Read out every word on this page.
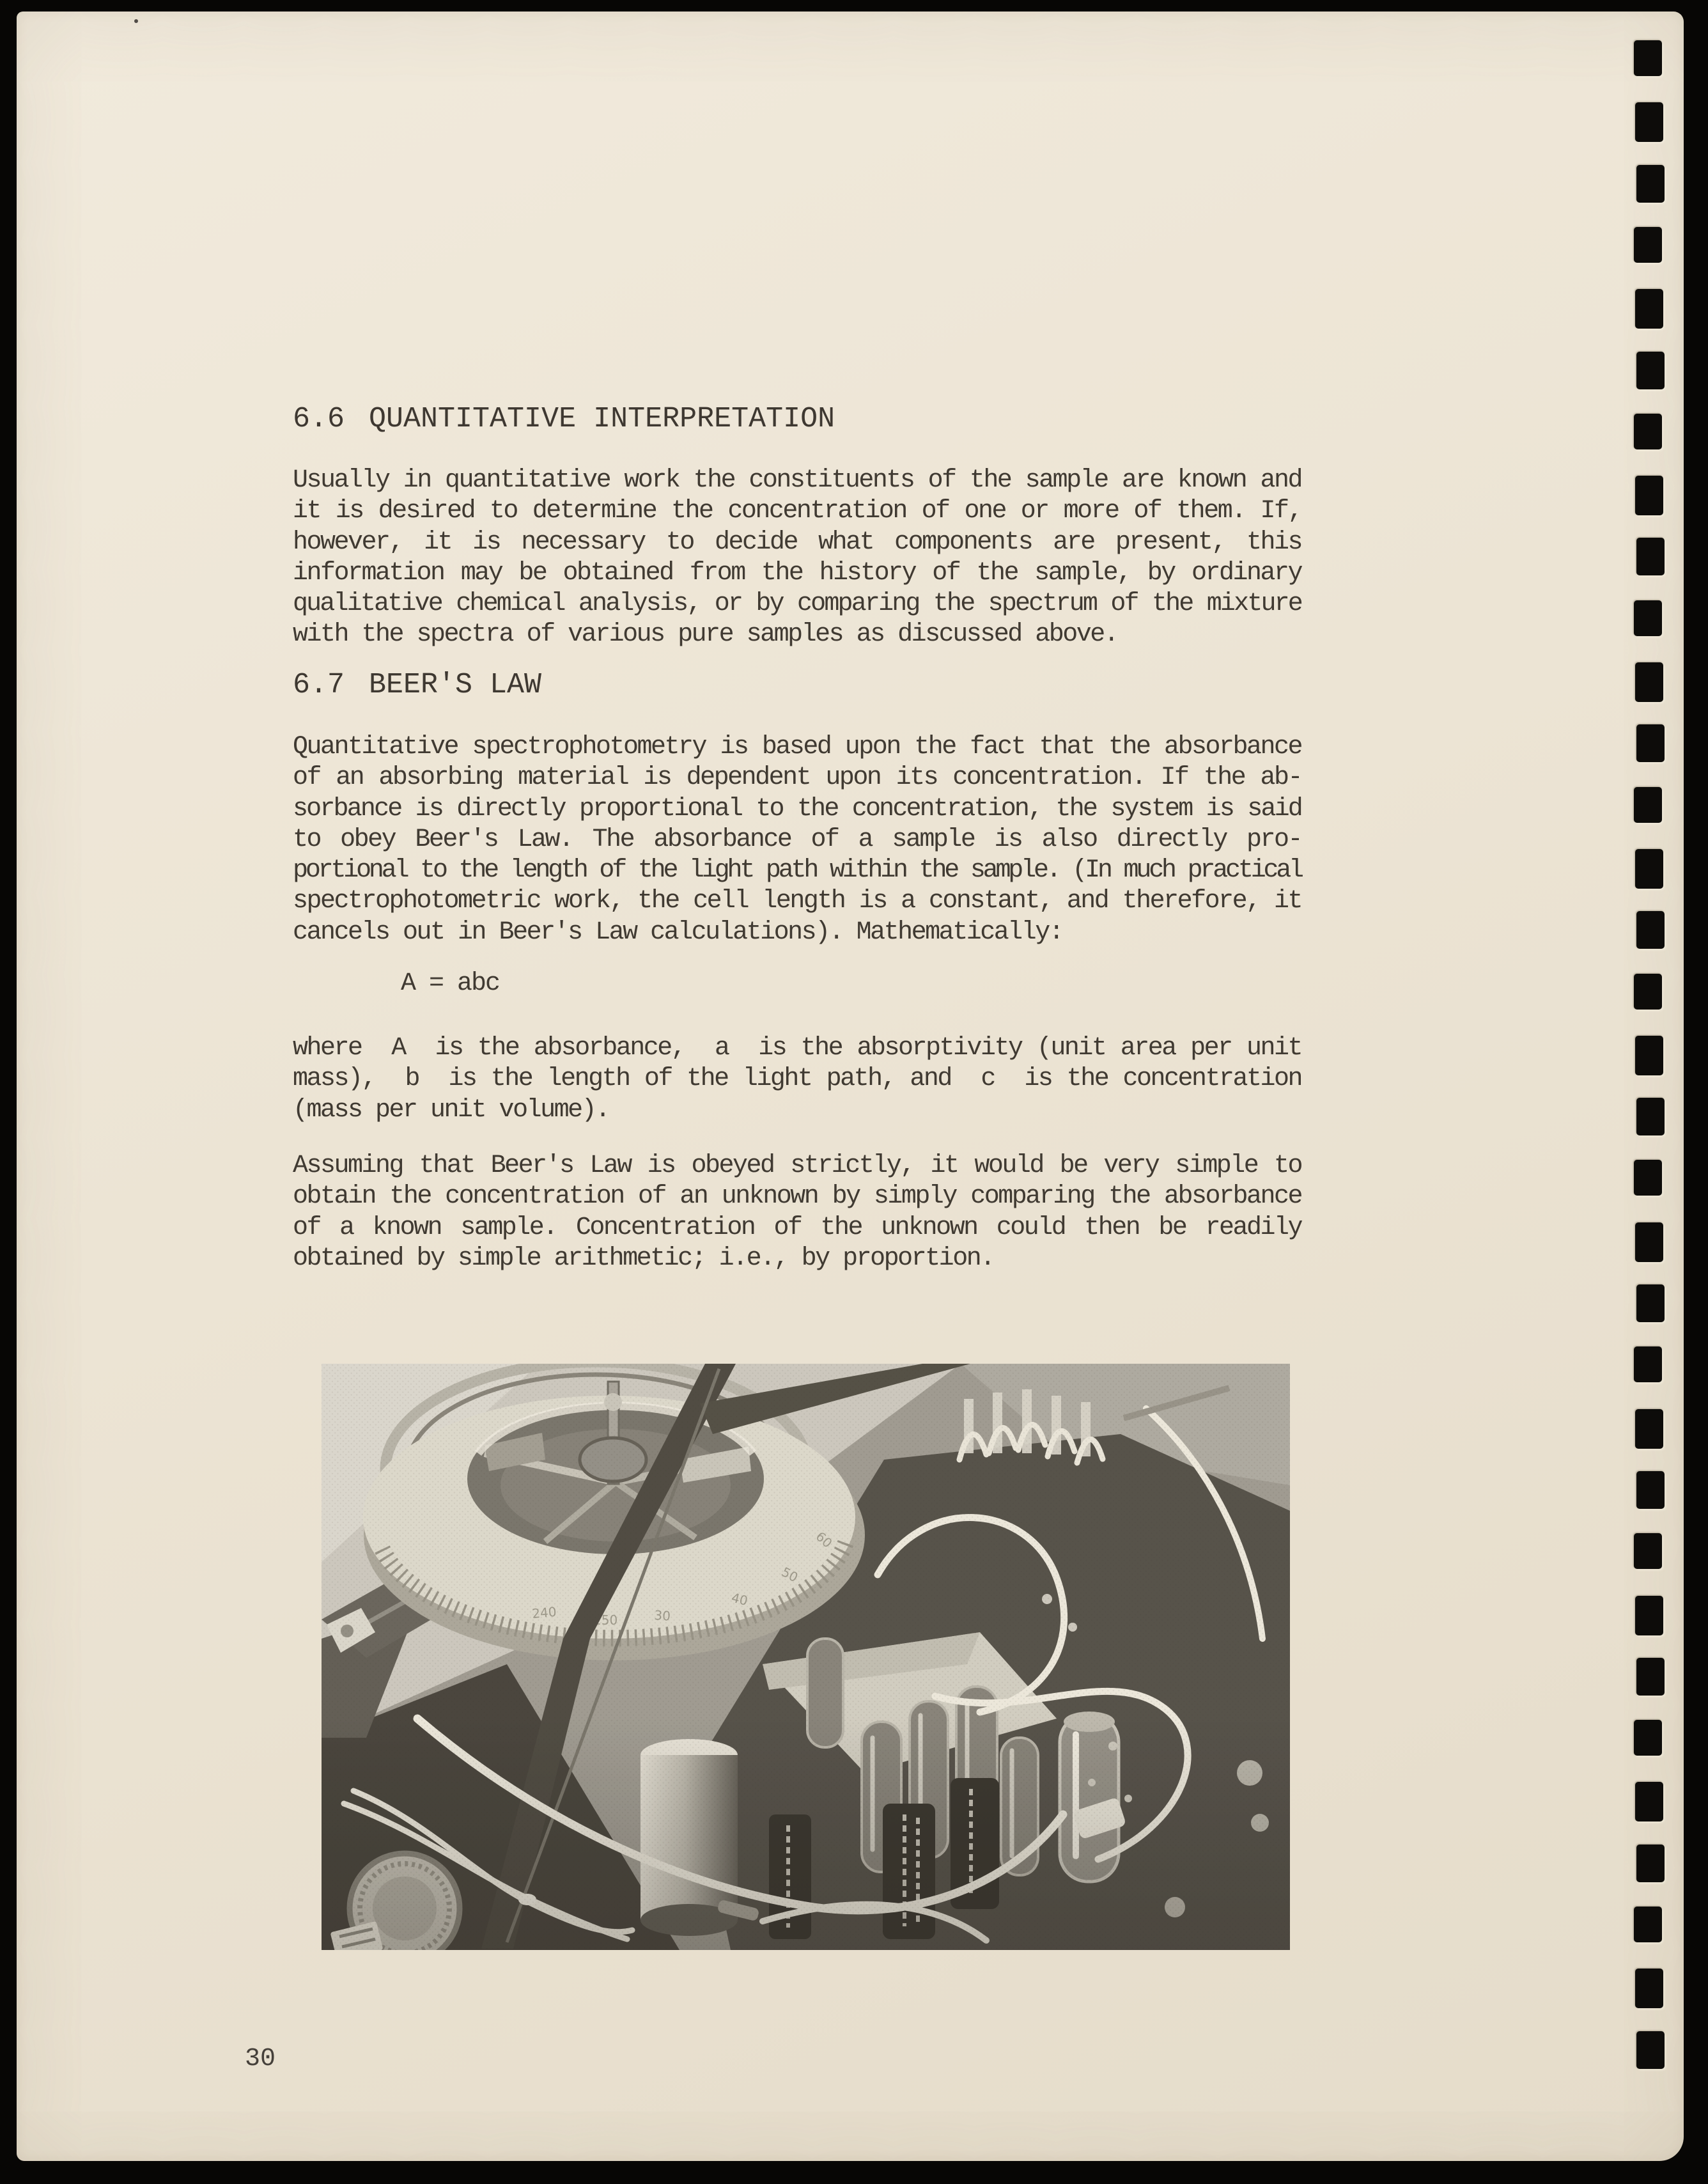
6.6 QUANTITATIVE INTERPRETATION
Usually in quantitative work the constituents of the sample are known and
it is desired to determine the concentration of one or more of them. If,
however, it is necessary to decide what components are present, this
information may be obtained from the history of the sample, by ordinary
qualitative chemical analysis, or by comparing the spectrum of the mixture
with the spectra of various pure samples as discussed above.
6.7 BEER'S LAW
Quantitative spectrophotometry is based upon the fact that the absorbance
of an absorbing material is dependent upon its concentration. If the ab-
sorbance is directly proportional to the concentration, the system is said
to obey Beer's Law. The absorbance of a sample is also directly pro-
portional to the length of the light path within the sample. (In much practical
spectrophotometric work, the cell length is a constant, and therefore, it
cancels out in Beer's Law calculations). Mathematically:
A = abc
where  A  is the absorbance,  a  is the absorptivity (unit area per unit
mass),  b  is the length of the light path, and  c  is the concentration
(mass per unit volume).
Assuming that Beer's Law is obeyed strictly, it would be very simple to
obtain the concentration of an unknown by simply comparing the absorbance
of a known sample. Concentration of the unknown could then be readily
obtained by simple arithmetic; i.e., by proportion.
30
